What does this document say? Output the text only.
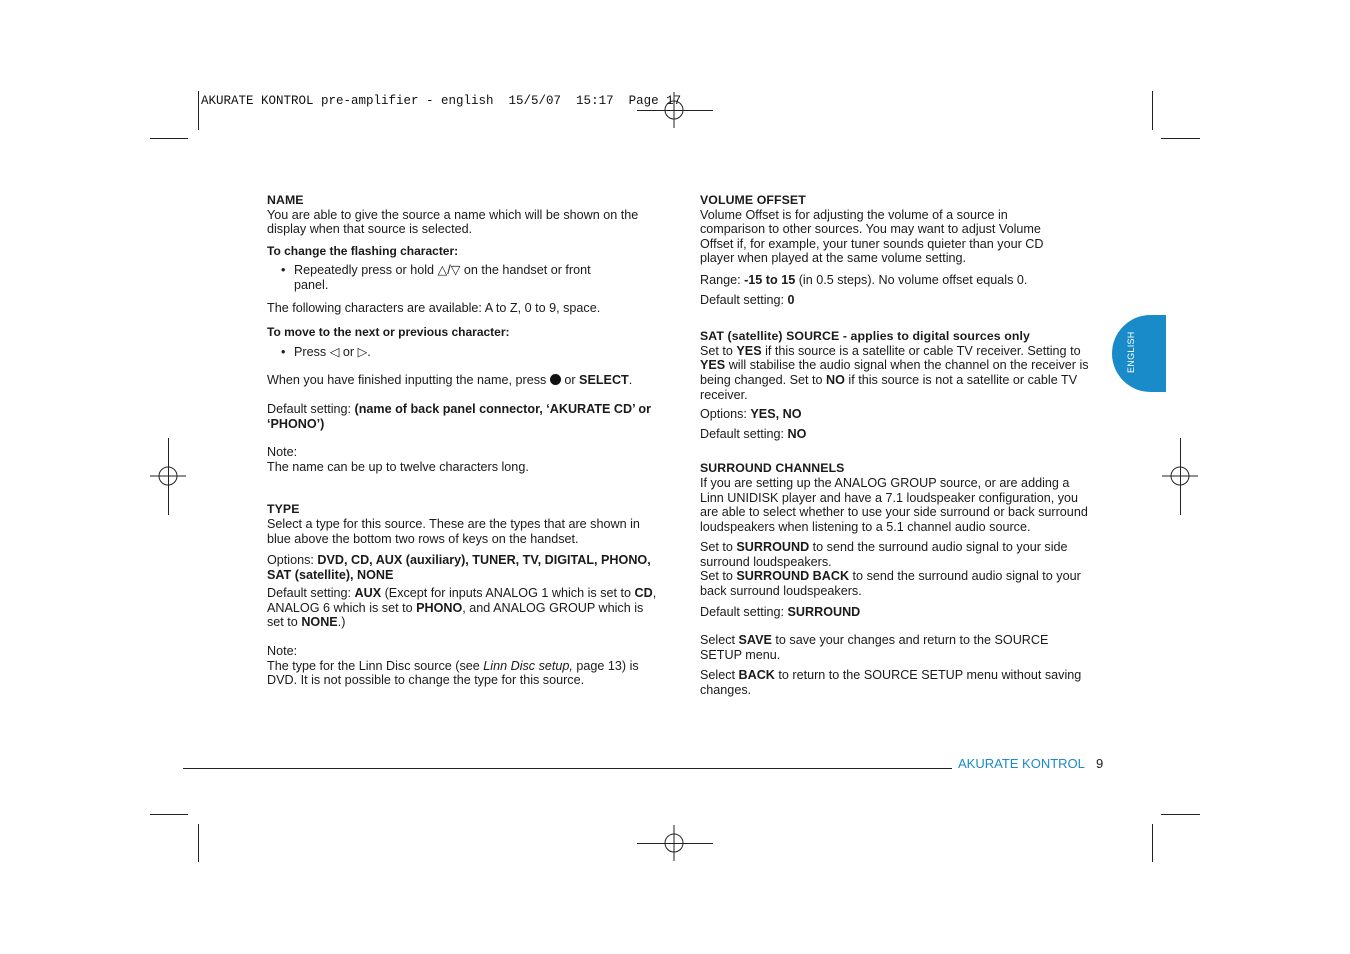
AKURATE KONTROL pre-amplifier - english  15/5/07  15:17  Page 17
ENGLISH

NAME

You are able to give the source a name which will be shown on the display when that source is selected.

To change the flashing character:

• Repeatedly press or hold △/▽ on the handset or front panel.

The following characters are available: A to Z, 0 to 9, space.

To move to the next or previous character:

• Press ◁ or ▷.

When you have finished inputting the name, press  or SELECT.

Default setting: (name of back panel connector, ‘AKURATE CD’ or ‘PHONO’)

Note:

The name can be up to twelve characters long.

TYPE

Select a type for this source. These are the types that are shown in blue above the bottom two rows of keys on the handset.

Options: DVD, CD, AUX (auxiliary), TUNER, TV, DIGITAL, PHONO, SAT (satellite), NONE

Default setting: AUX (Except for inputs ANALOG 1 which is set to CD, ANALOG 6 which is set to PHONO, and ANALOG GROUP which is set to NONE.)

Note:

The type for the Linn Disc source (see Linn Disc setup, page 13) is DVD. It is not possible to change the type for this source.

VOLUME OFFSET

Volume Offset is for adjusting the volume of a source in comparison to other sources. You may want to adjust Volume Offset if, for example, your tuner sounds quieter than your CD player when played at the same volume setting.

Range: -15 to 15 (in 0.5 steps). No volume offset equals 0.

Default setting: 0

SAT (satellite) SOURCE - applies to digital sources only

Set to YES if this source is a satellite or cable TV receiver. Setting to YES will stabilise the audio signal when the channel on the receiver is being changed. Set to NO if this source is not a satellite or cable TV receiver.

Options: YES, NO

Default setting: NO

SURROUND CHANNELS

If you are setting up the ANALOG GROUP source, or are adding a Linn UNIDISK player and have a 7.1 loudspeaker configuration, you are able to select whether to use your side surround or back surround loudspeakers when listening to a 5.1 channel audio source.

Set to SURROUND to send the surround audio signal to your side surround loudspeakers.

Set to SURROUND BACK to send the surround audio signal to your back surround loudspeakers.

Default setting: SURROUND

Select SAVE to save your changes and return to the SOURCE SETUP menu.

Select BACK to return to the SOURCE SETUP menu without saving changes.

AKURATE KONTROL 9
